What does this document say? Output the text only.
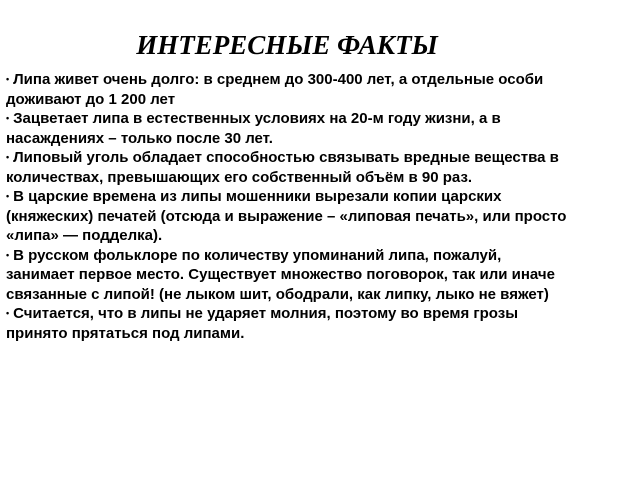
ИНТЕРЕСНЫЕ ФАКТЫ
• Липа живет очень долго: в среднем до 300-400 лет, а отдельные особи доживают до 1 200 лет
• Зацветает липа в естественных условиях на 20-м году жизни, а в насаждениях – только после 30 лет.
• Липовый уголь обладает способностью связывать вредные вещества в количествах, превышающих его собственный объём в 90 раз.
• В царские времена из липы мошенники вырезали копии царских (княжеских) печатей (отсюда и выражение – «липовая печать», или просто «липа» — подделка).
• В русском фольклоре по количеству упоминаний липа, пожалуй, занимает первое место. Существует множество поговорок, так или иначе связанные с липой! (не лыком шит, ободрали, как липку, лыко не вяжет)
• Считается, что в липы не ударяет молния, поэтому во время грозы принято прятаться под липами.
